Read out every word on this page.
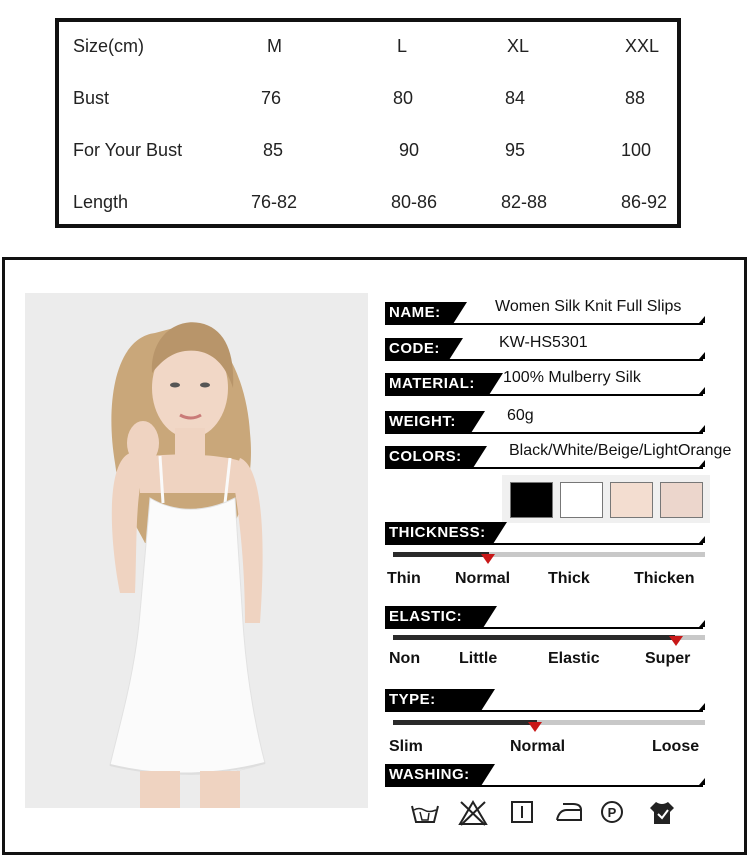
Size(cm)	M	L	XL	XXL
Bust	76	80	84	88
For Your Bust	85	90	95	100
Length	76-82	80-86	82-88	86-92
NAME:	Women Silk Knit Full Slips
CODE:	KW-HS5301
MATERIAL:	100% Mulberry Silk
WEIGHT:	60g
COLORS:	Black/White/Beige/LightOrange
THICKNESS:
Thin Normal Thick	Thicken
ELASTIC:
Non Little	Elastic	Super
TYPE:
Slim	Normal	Loose
WASHING:
P
